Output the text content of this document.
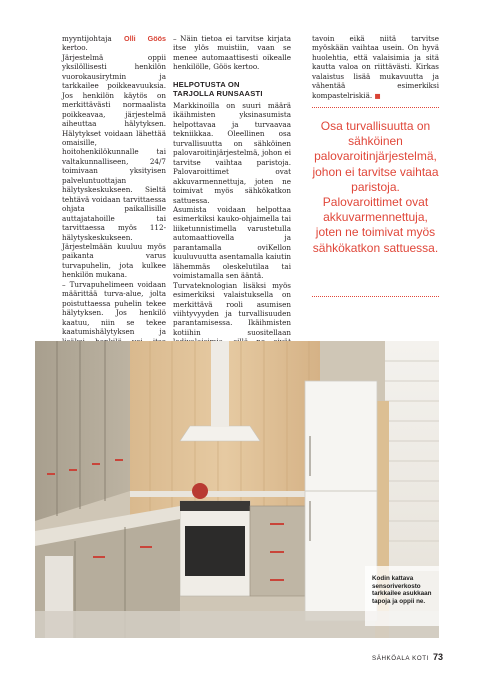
myyntijohtaja Olli Göös kertoo.

Järjestelmä oppii yksilöllisesti henkilön vuorokausirytmin ja tarkkailee poikkeavuuksia. Jos henkilön käytös on merkittävästi normaalista poikkeavaa, järjestelmä aiheuttaa hälytyksen. Hälytykset voidaan lähettää omaisille, hoitohenkilökunnalle tai valtakunnalliseen, 24/7 toimivaan yksityisen palveluntuottajan hälytyskeskukseen. Sieltä tehtävä voidaan tarvittaessa ohjata paikallisille auttajatahoille tai tarvittaessa myös 112-hälytyskeskukseen. Järjestelmään kuuluu myös paikanta varus turvapuhelin, jota kulkee henkilön mukana.

– Turvapuhelimeen voidaan määrittää turva-alue, jolta poistuttaessa puhelin tekee hälytyksen. Jos henkilö kaatuu, niin se tekee kaatumishälytyksen ja

– Näin tietoa ei tarvitse kirjata itse ylös muistiin, vaan se menee automaattisesti oikealle henkilölle, Göös kertoo.

HELPOTUSTA ON
TARJOLLA RUNSAASTI

Markkinoilla on suuri määrä ikäihmisten yksinasumista helpottavaa ja turvaavaa tekniikkaa. Oleellinen osa turvallisuutta on sähköinen palovaroitinjärjestelmä, johon ei tarvitse vaihtaa paristoja. Palovaroittimet ovat akkuvarmennettuja, joten ne toimivat myös sähkökatkon sattuessa.

Asumista voidaan helpottaa esimerkiksi kauko-ohjaimella tai liiketunnistimella varustetulla automaattiovella ja parantamalla oviKellon kuuluvuutta asentamalla kaiutin lähemmäs oleskelutilaa tai voimistamalla sen ääntä.

Turvateknologian lisäksi myös esimerkiksi valaistuksella on merkittävä rooli asumisen viihtyvyyden ja turvallisuuden parantamisessa. Ikäihmisten kotiihin suositellaan

tavoin eikä niitä tarvitse myöskään vaihtaa usein. On hyvä huolehtia, että valaisimia ja sitä kautta valoa on riittävästi. Kirkas valaistus lisää mukavuutta ja vähentää esimerkiksi kompastelriskiä. ■

Osa turvallisuutta on sähköinen palovaroitinjärjestelmä, johon ei tarvitse vaihtaa paristoja. Palovaroittimet ovat akkuvarmennettuja, joten ne toimivat myös sähkökatkon sattuessa.
Kodin kattava sensoriverkosto tarkkailee asukkaan tapoja ja oppii ne.
SÄHKÖALA KOTI 73
